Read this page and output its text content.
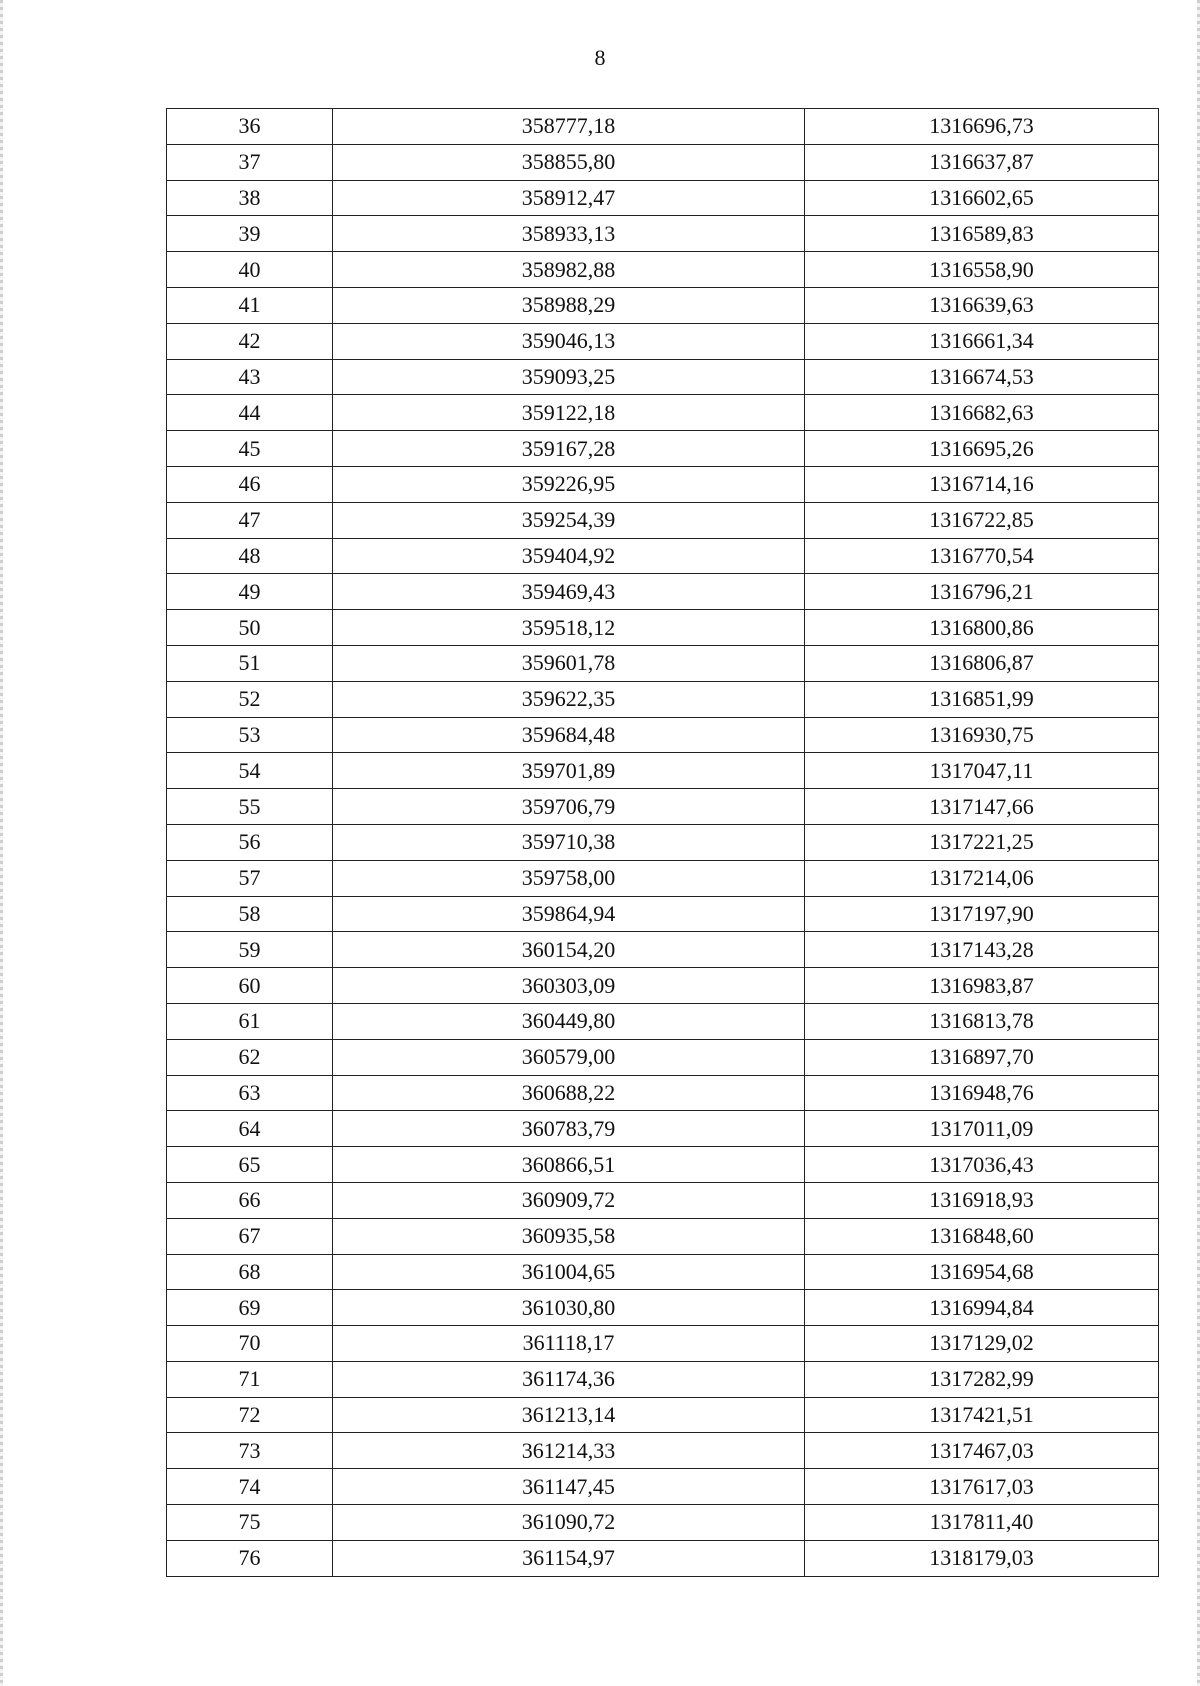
8
36	358777,18	1316696,73
37	358855,80	1316637,87
38	358912,47	1316602,65
39	358933,13	1316589,83
40	358982,88	1316558,90
41	358988,29	1316639,63
42	359046,13	1316661,34
43	359093,25	1316674,53
44	359122,18	1316682,63
45	359167,28	1316695,26
46	359226,95	1316714,16
47	359254,39	1316722,85
48	359404,92	1316770,54
49	359469,43	1316796,21
50	359518,12	1316800,86
51	359601,78	1316806,87
52	359622,35	1316851,99
53	359684,48	1316930,75
54	359701,89	1317047,11
55	359706,79	1317147,66
56	359710,38	1317221,25
57	359758,00	1317214,06
58	359864,94	1317197,90
59	360154,20	1317143,28
60	360303,09	1316983,87
61	360449,80	1316813,78
62	360579,00	1316897,70
63	360688,22	1316948,76
64	360783,79	1317011,09
65	360866,51	1317036,43
66	360909,72	1316918,93
67	360935,58	1316848,60
68	361004,65	1316954,68
69	361030,80	1316994,84
70	361118,17	1317129,02
71	361174,36	1317282,99
72	361213,14	1317421,51
73	361214,33	1317467,03
74	361147,45	1317617,03
75	361090,72	1317811,40
76	361154,97	1318179,03
